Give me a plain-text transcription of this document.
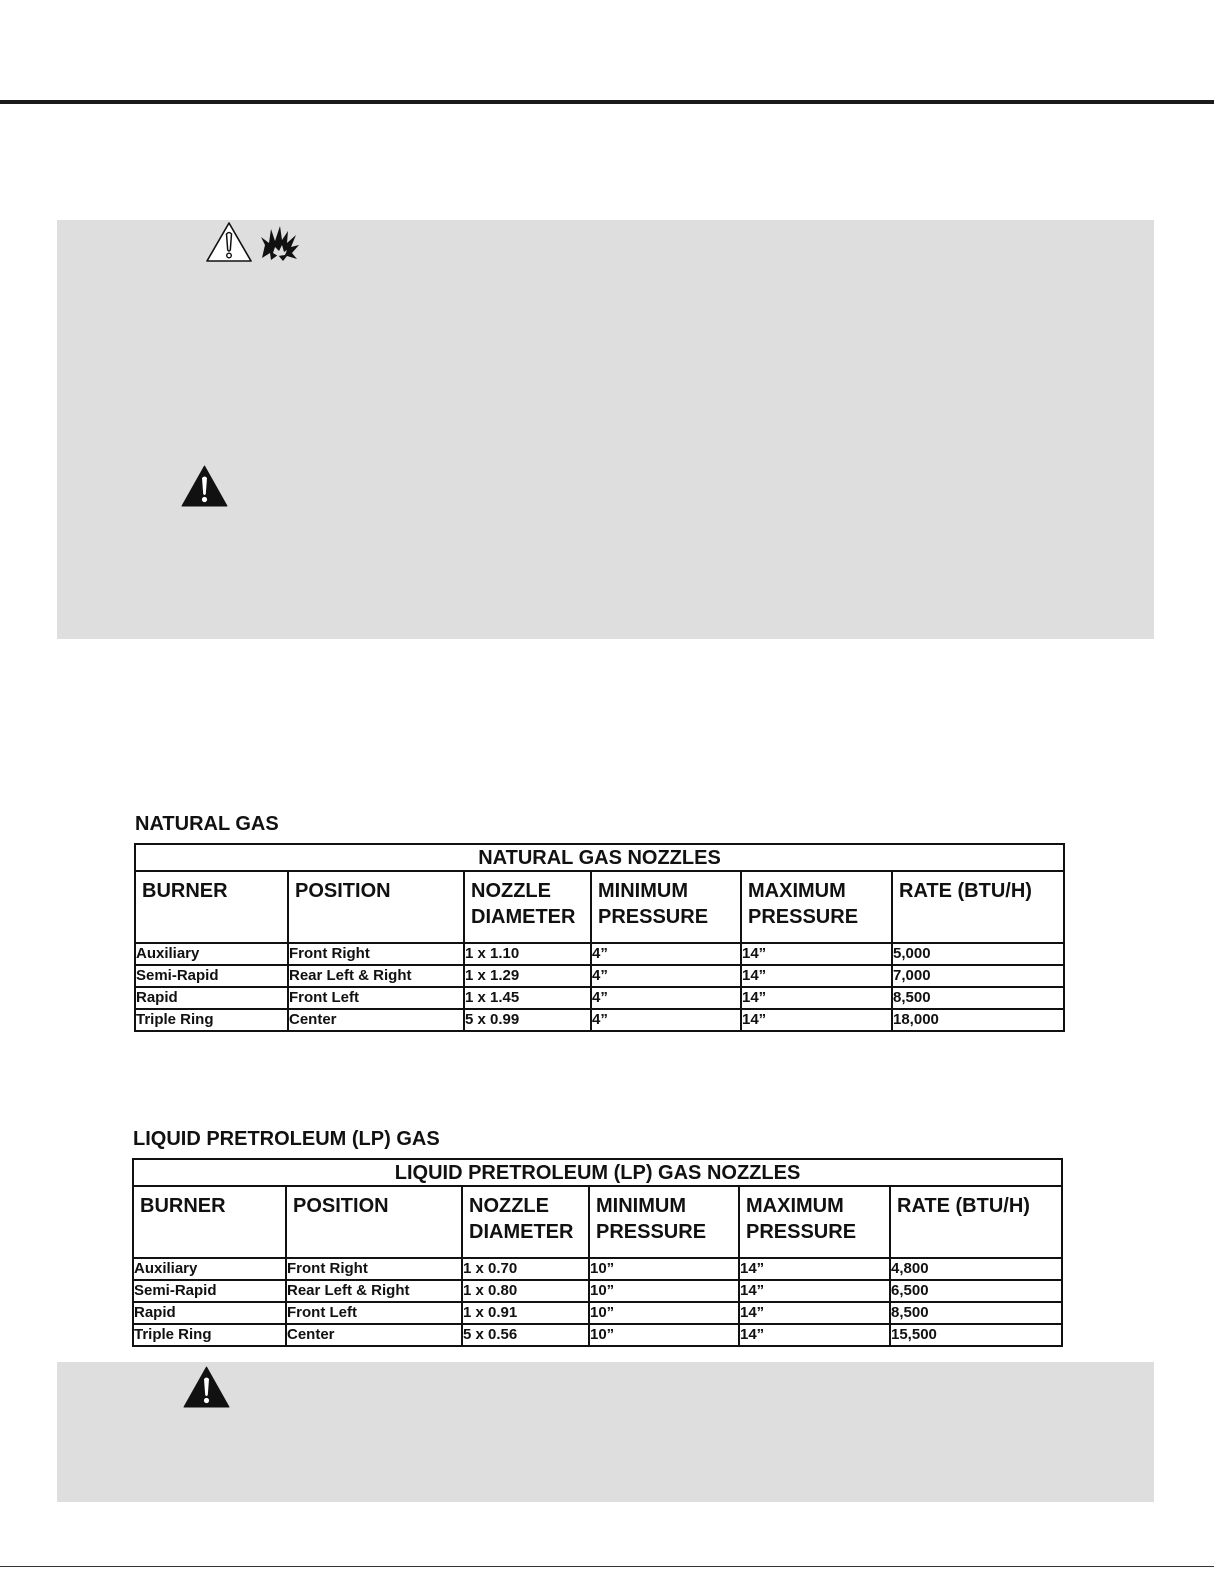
NATURAL GAS
NATURAL GAS NOZZLES					
BURNER	POSITION	NOZZLE DIAMETER	MINIMUM PRESSURE	MAXIMUM PRESSURE	RATE (BTU/H)
Auxiliary	Front Right	1 x 1.10	4”	14”	5,000
Semi-Rapid	Rear Left & Right	1 x 1.29	4”	14”	7,000
Rapid	Front Left	1 x 1.45	4”	14”	8,500
Triple Ring	Center	5 x 0.99	4”	14”	18,000
LIQUID PRETROLEUM (LP) GAS
LIQUID PRETROLEUM (LP) GAS NOZZLES					
BURNER	POSITION	NOZZLE DIAMETER	MINIMUM PRESSURE	MAXIMUM PRESSURE	RATE (BTU/H)
Auxiliary	Front Right	1 x 0.70	10”	14”	4,800
Semi-Rapid	Rear Left & Right	1 x 0.80	10”	14”	6,500
Rapid	Front Left	1 x 0.91	10”	14”	8,500
Triple Ring	Center	5 x 0.56	10”	14”	15,500
